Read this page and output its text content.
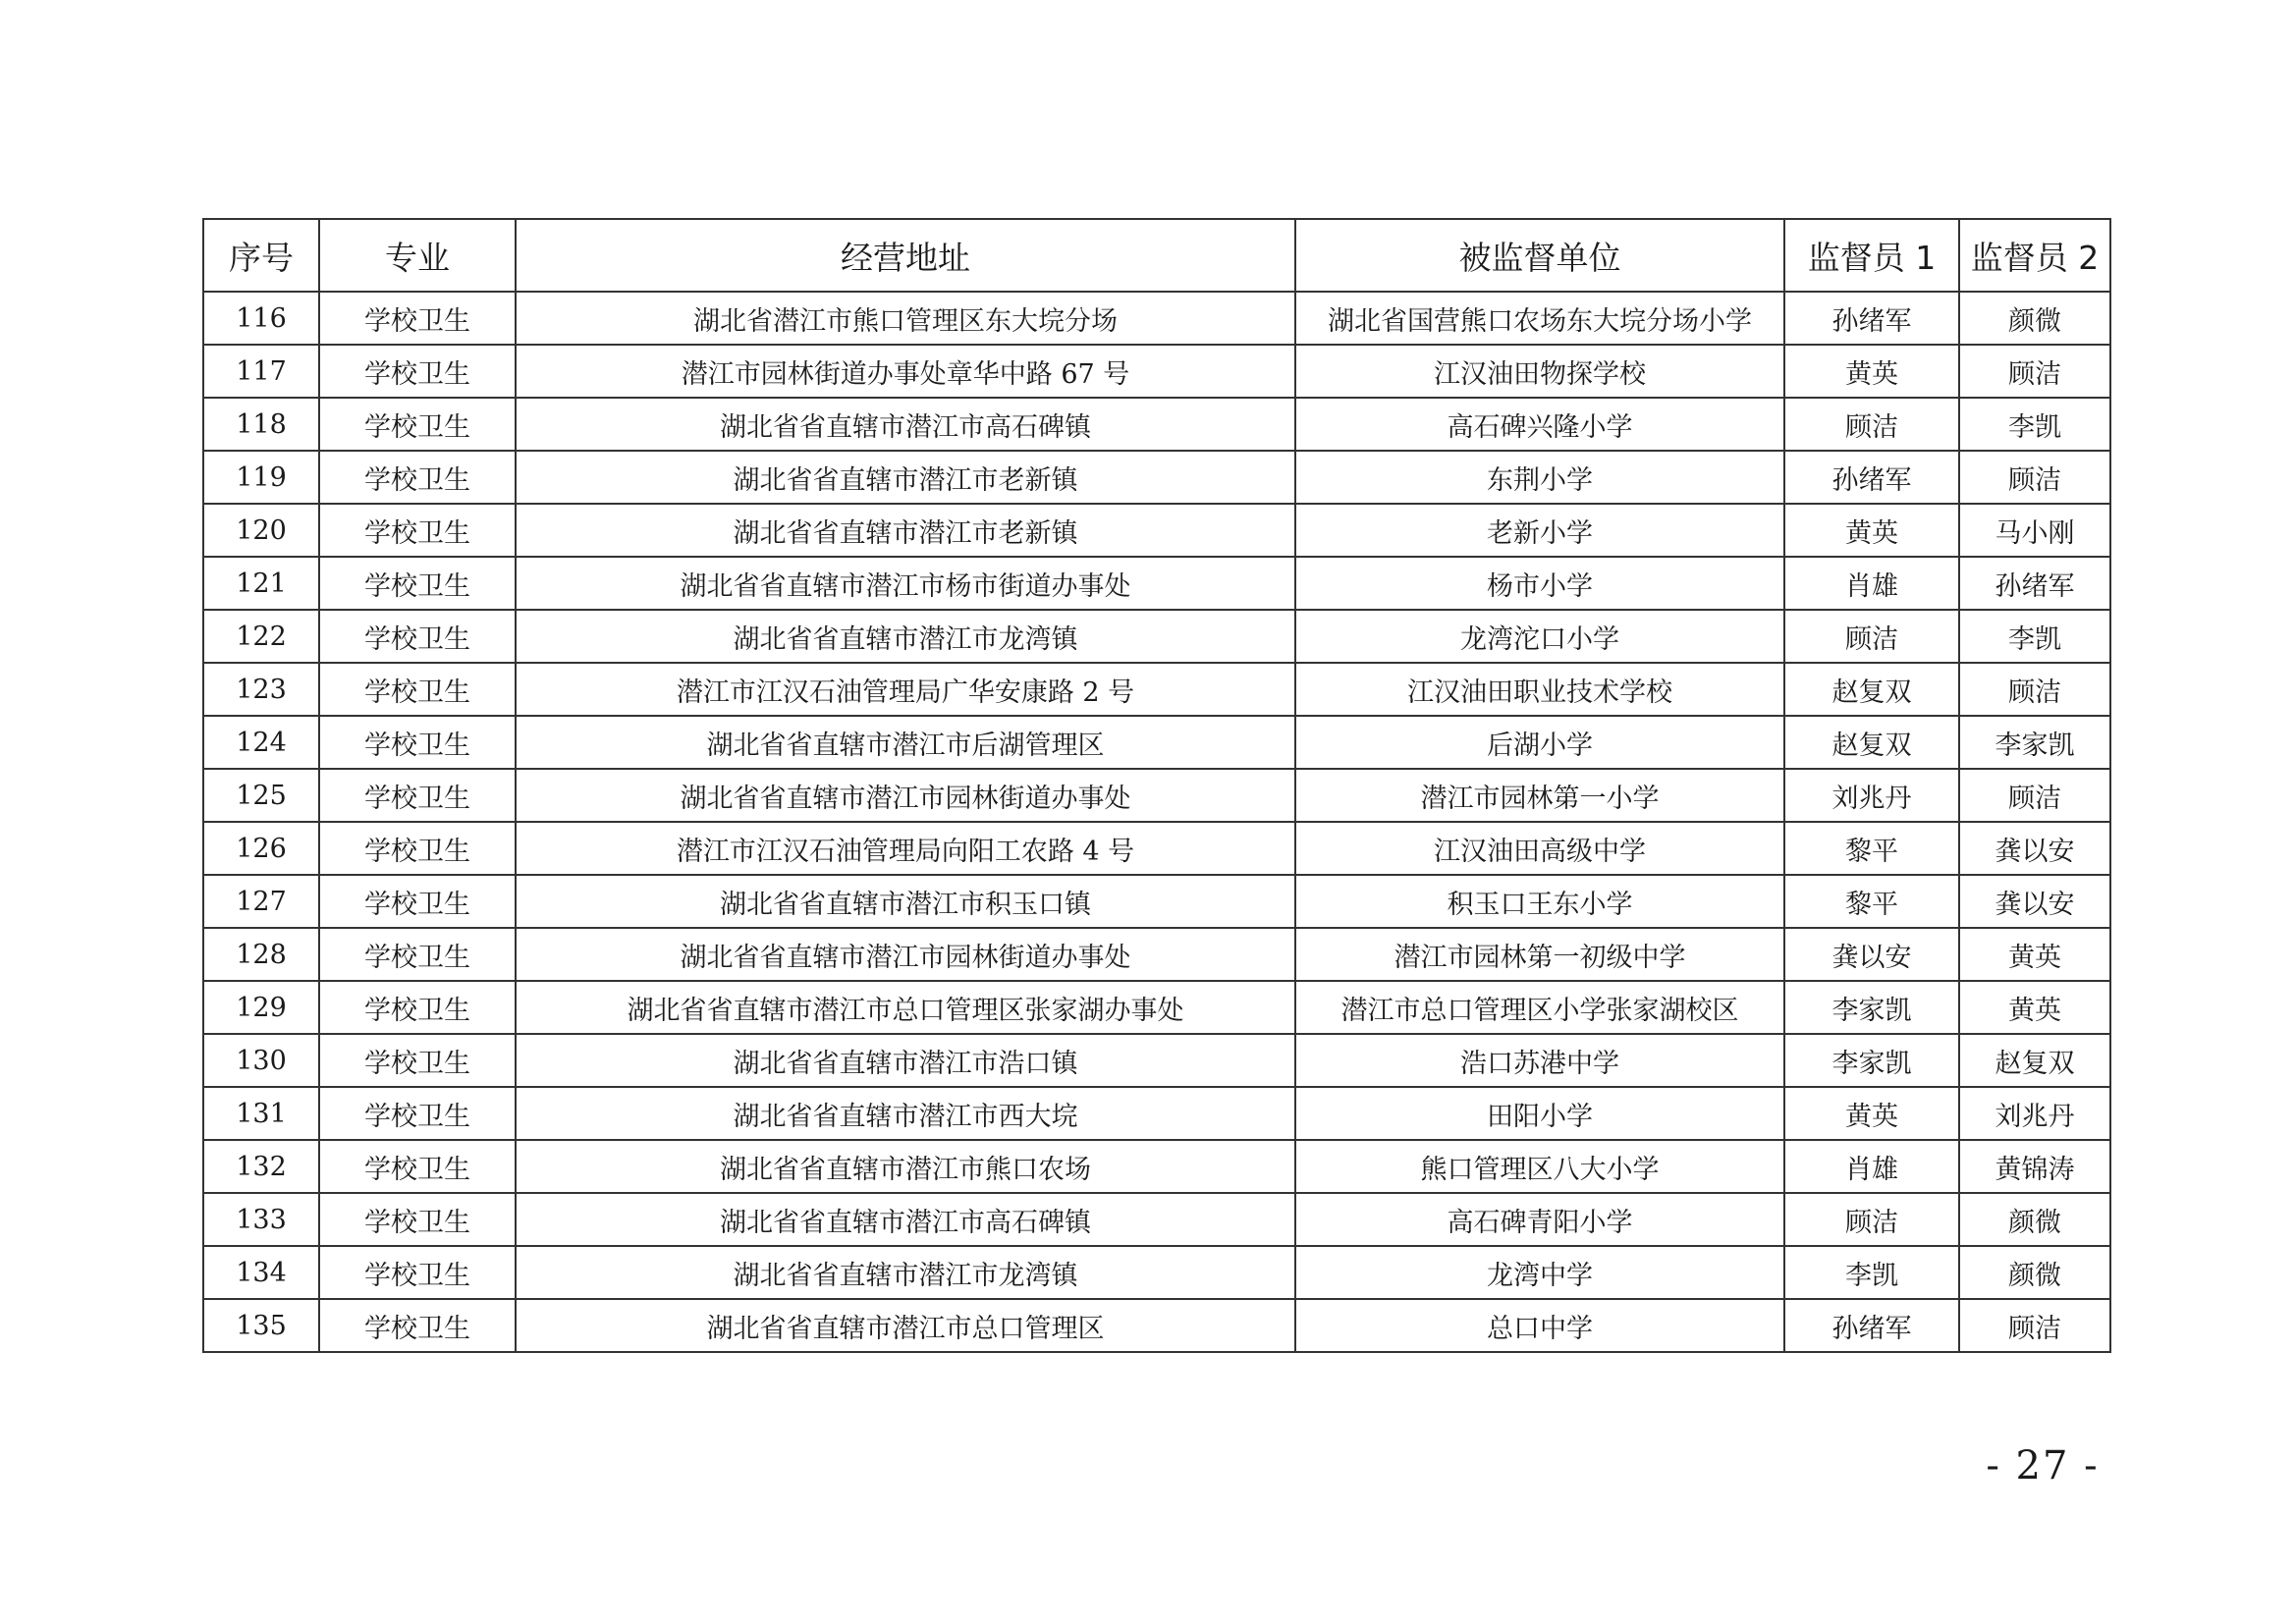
序号	专业	经营地址	被监督单位	监督员 1	监督员 2
116	学校卫生	湖北省潜江市熊口管理区东大垸分场	湖北省国营熊口农场东大垸分场小学	孙绪军	颜微
117	学校卫生	潜江市园林街道办事处章华中路 67 号	江汉油田物探学校	黄英	顾洁
118	学校卫生	湖北省省直辖市潜江市高石碑镇	高石碑兴隆小学	顾洁	李凯
119	学校卫生	湖北省省直辖市潜江市老新镇	东荆小学	孙绪军	顾洁
120	学校卫生	湖北省省直辖市潜江市老新镇	老新小学	黄英	马小刚
121	学校卫生	湖北省省直辖市潜江市杨市街道办事处	杨市小学	肖雄	孙绪军
122	学校卫生	湖北省省直辖市潜江市龙湾镇	龙湾沱口小学	顾洁	李凯
123	学校卫生	潜江市江汉石油管理局广华安康路 2 号	江汉油田职业技术学校	赵复双	顾洁
124	学校卫生	湖北省省直辖市潜江市后湖管理区	后湖小学	赵复双	李家凯
125	学校卫生	湖北省省直辖市潜江市园林街道办事处	潜江市园林第一小学	刘兆丹	顾洁
126	学校卫生	潜江市江汉石油管理局向阳工农路 4 号	江汉油田高级中学	黎平	龚以安
127	学校卫生	湖北省省直辖市潜江市积玉口镇	积玉口王东小学	黎平	龚以安
128	学校卫生	湖北省省直辖市潜江市园林街道办事处	潜江市园林第一初级中学	龚以安	黄英
129	学校卫生	湖北省省直辖市潜江市总口管理区张家湖办事处	潜江市总口管理区小学张家湖校区	李家凯	黄英
130	学校卫生	湖北省省直辖市潜江市浩口镇	浩口苏港中学	李家凯	赵复双
131	学校卫生	湖北省省直辖市潜江市西大垸	田阳小学	黄英	刘兆丹
132	学校卫生	湖北省省直辖市潜江市熊口农场	熊口管理区八大小学	肖雄	黄锦涛
133	学校卫生	湖北省省直辖市潜江市高石碑镇	高石碑青阳小学	顾洁	颜微
134	学校卫生	湖北省省直辖市潜江市龙湾镇	龙湾中学	李凯	颜微
135	学校卫生	湖北省省直辖市潜江市总口管理区	总口中学	孙绪军	顾洁
- 27 -
